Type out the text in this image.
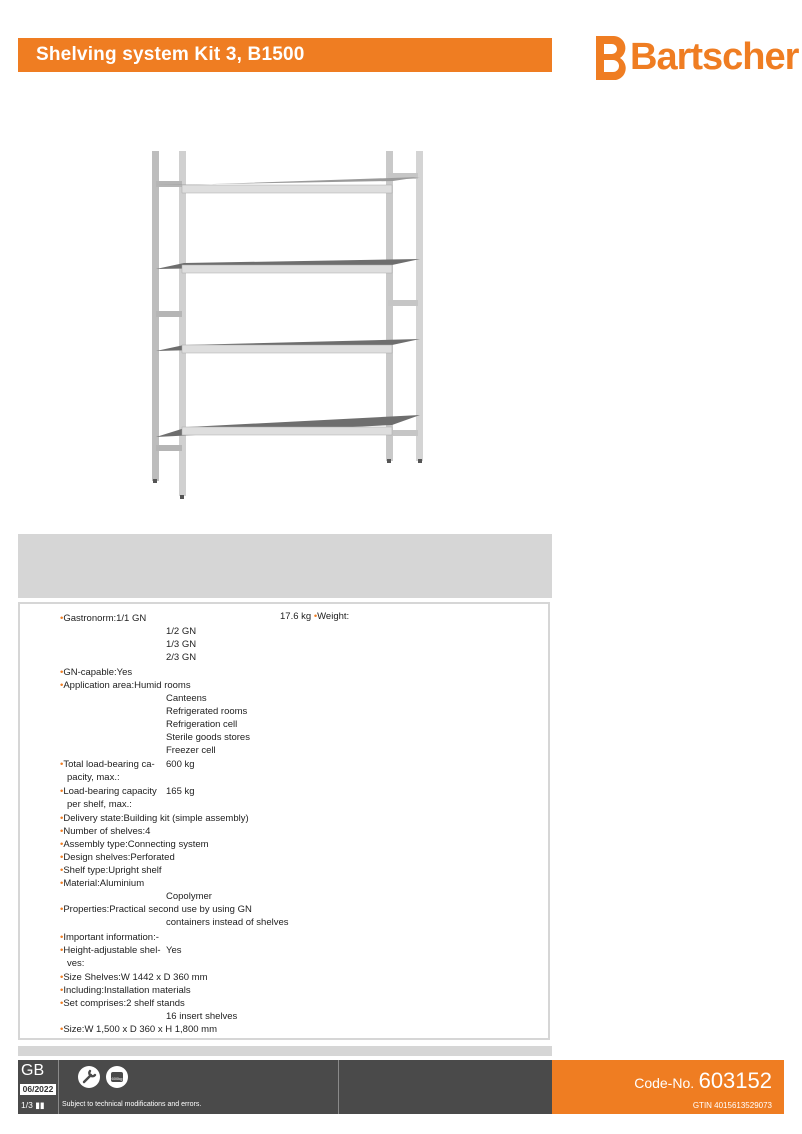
Shelving system Kit 3, B1500	Bartscher
•Gastronorm:1/1 GN
1/2 GN
1/3 GN
2/3 GN
•GN-capable:Yes
•Application area:Humid rooms
Canteens
Refrigerated rooms
Refrigeration cell
Sterile goods stores
Freezer cell
•Total load-bearing ca-
pacity, max.:
600 kg
•Load-bearing capacity
per shelf, max.:
165 kg
•Delivery state:Building kit (simple assembly)
•Number of shelves:4
•Assembly type:Connecting system
•Design shelves:Perforated
•Shelf type:Upright shelf
•Material:Aluminium
Copolymer
•Properties:Practical second use by using GN
containers instead of shelves
•Important information:-
•Height-adjustable shel-
ves:
Yes
•Size Shelves:W 1442 x D 360 mm
•Including:Installation materials
•Set comprises:2 shelf stands
16 insert shelves
•Size:W 1,500 x D 360 x H 1,800 mm
17.6 kg •Weight:
GB
06/2022
1/3 ▮▮
600kg
Subject to technical modifications and errors.
Code-No. 603152
GTIN 4015613529073
